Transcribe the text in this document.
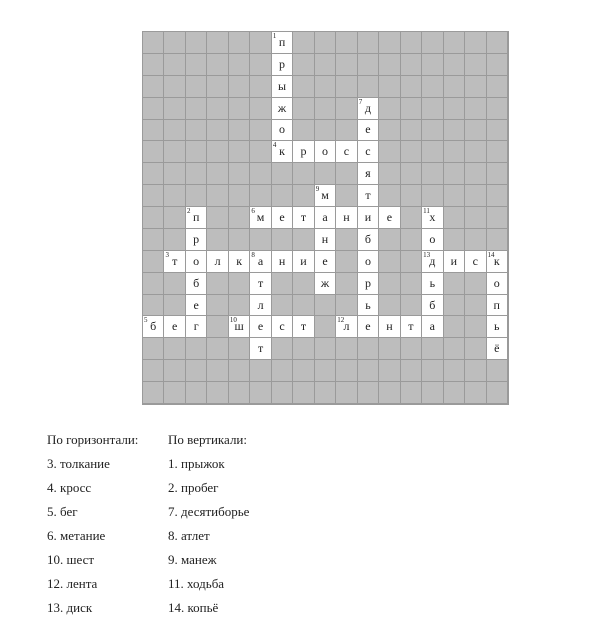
1 п
р
ы
ж	7 д
о	е
4 к	р	о	с	с
я
9 м	т
2 п	6 м	е	т	а	н	и	е	11 х
р	н	б	о
3 т	о	л	к	8 а	н	и	е	о	13 д	и	с	14 к
б	т	ж	р	ь	о
е	л	ь	б	п
5 б	е	г	10
ш	е	с	т	12 л	е	н	т	а	ь
т	ё
По горизонтали:
3. толкание
4. кросс
5. бег
6. метание
10. шест
12. лента
13. диск
По вертикали:
1. прыжок
2. пробег
7. десятиборье
8. атлет
9. манеж
11. ходьба
14. копьё
